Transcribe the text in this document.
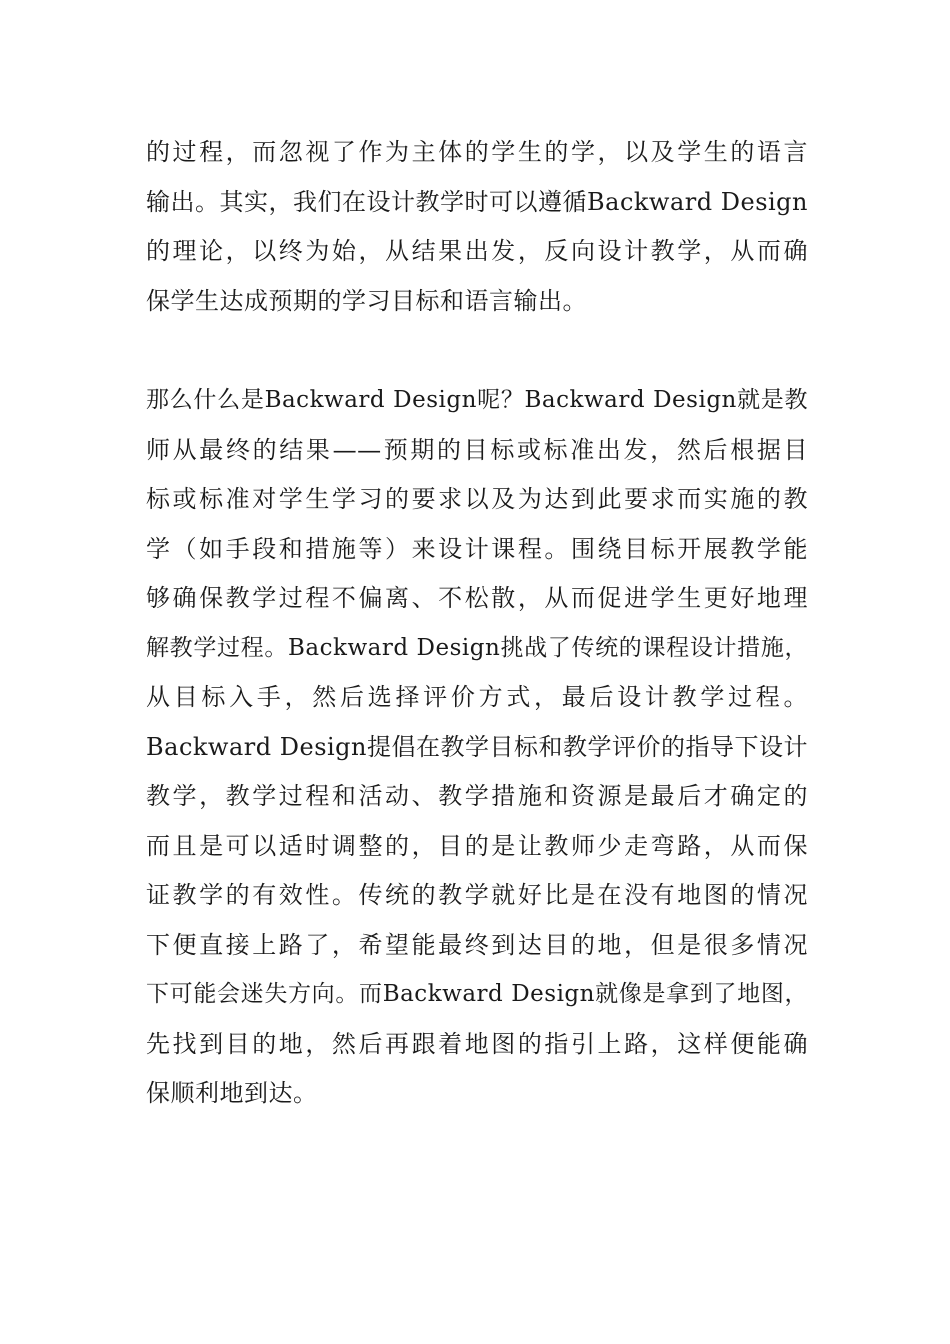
的过程，而忽视了作为主体的学生的学，以及学生的语言
输出。其实，我们在设计教学时可以遵循Backward Design
的理论，以终为始，从结果出发，反向设计教学，从而确
保学生达成预期的学习目标和语言输出。
那么什么是Backward Design呢？Backward Design就是教
师从最终的结果——预期的目标或标准出发，然后根据目
标或标准对学生学习的要求以及为达到此要求而实施的教
学（如手段和措施等）来设计课程。围绕目标开展教学能
够确保教学过程不偏离、不松散，从而促进学生更好地理
解教学过程。Backward Design挑战了传统的课程设计措施，
从目标入手，然后选择评价方式，最后设计教学过程。
Backward Design提倡在教学目标和教学评价的指导下设计
教学，教学过程和活动、教学措施和资源是最后才确定的
而且是可以适时调整的，目的是让教师少走弯路，从而保
证教学的有效性。传统的教学就好比是在没有地图的情况
下便直接上路了，希望能最终到达目的地，但是很多情况
下可能会迷失方向。而Backward Design就像是拿到了地图，
先找到目的地，然后再跟着地图的指引上路，这样便能确
保顺利地到达。
